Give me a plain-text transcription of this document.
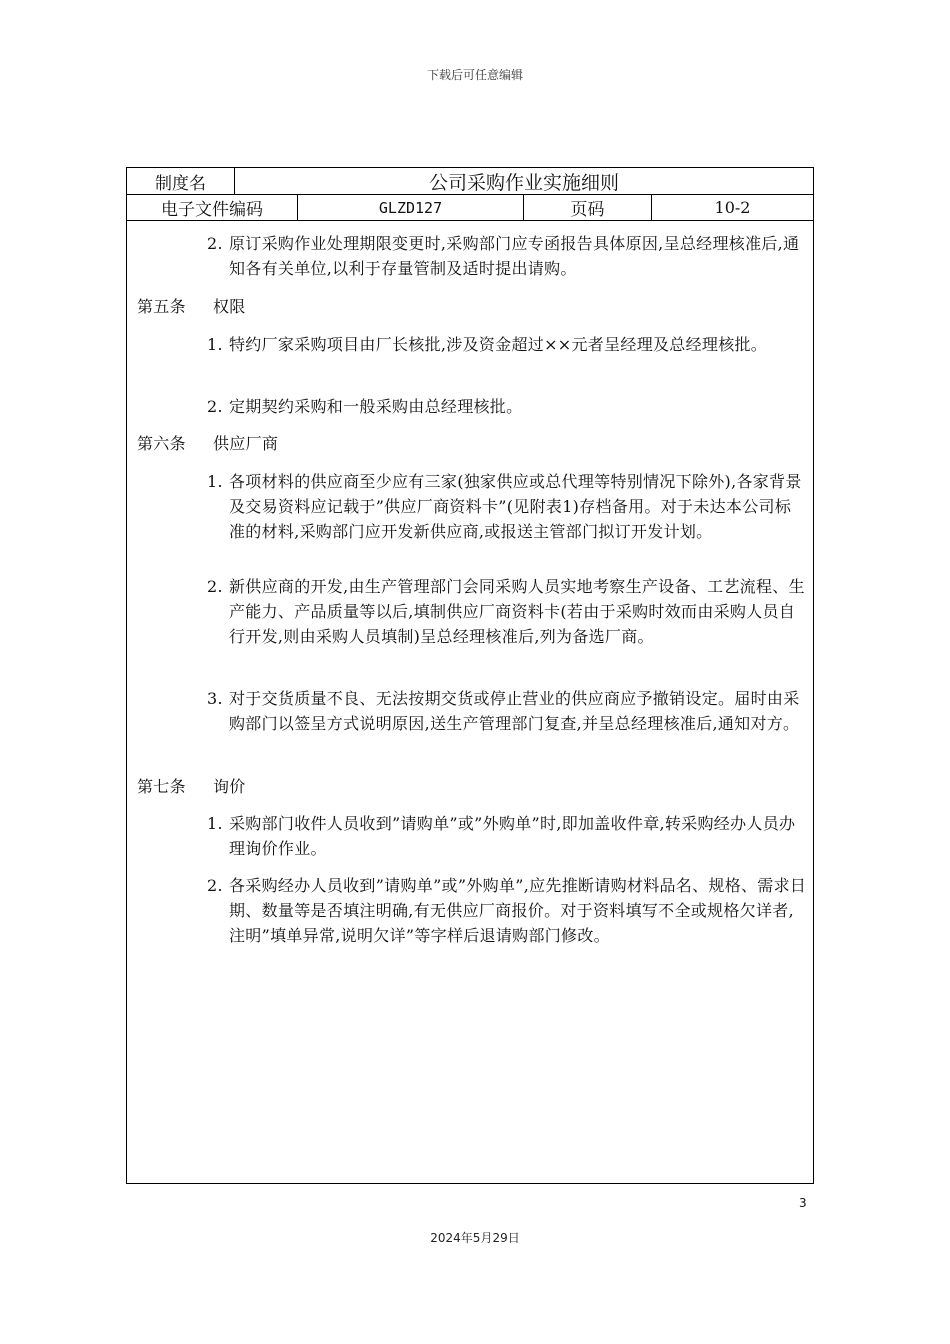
下载后可任意编辑
制度名	公司采购作业实施细则
电子文件编码	GLZD127	页码	10-2
2. 原订采购作业处理期限变更时,采购部门应专函报告具体原因,呈总经理核准后,通知各有关单位,以利于存量管制及适时提出请购。
第五条 权限
1. 特约厂家采购项目由厂长核批,涉及资金超过××元者呈经理及总经理核批。
2. 定期契约采购和一般采购由总经理核批。
第六条 供应厂商
1. 各项材料的供应商至少应有三家(独家供应或总代理等特别情况下除外),各家背景及交易资料应记载于”供应厂商资料卡”(见附表1)存档备用。对于未达本公司标准的材料,采购部门应开发新供应商,或报送主管部门拟订开发计划。
2. 新供应商的开发,由生产管理部门会同采购人员实地考察生产设备、工艺流程、生产能力、产品质量等以后,填制供应厂商资料卡(若由于采购时效而由采购人员自行开发,则由采购人员填制)呈总经理核准后,列为备选厂商。
3. 对于交货质量不良、无法按期交货或停止营业的供应商应予撤销设定。届时由采购部门以签呈方式说明原因,送生产管理部门复查,并呈总经理核准后,通知对方。
第七条 询价
1. 采购部门收件人员收到”请购单”或”外购单”时,即加盖收件章,转采购经办人员办理询价作业。
2. 各采购经办人员收到”请购单”或”外购单”,应先推断请购材料品名、规格、需求日期、数量等是否填注明确,有无供应厂商报价。对于资料填写不全或规格欠详者,注明”填单异常,说明欠详”等字样后退请购部门修改。
3
2024年5月29日
